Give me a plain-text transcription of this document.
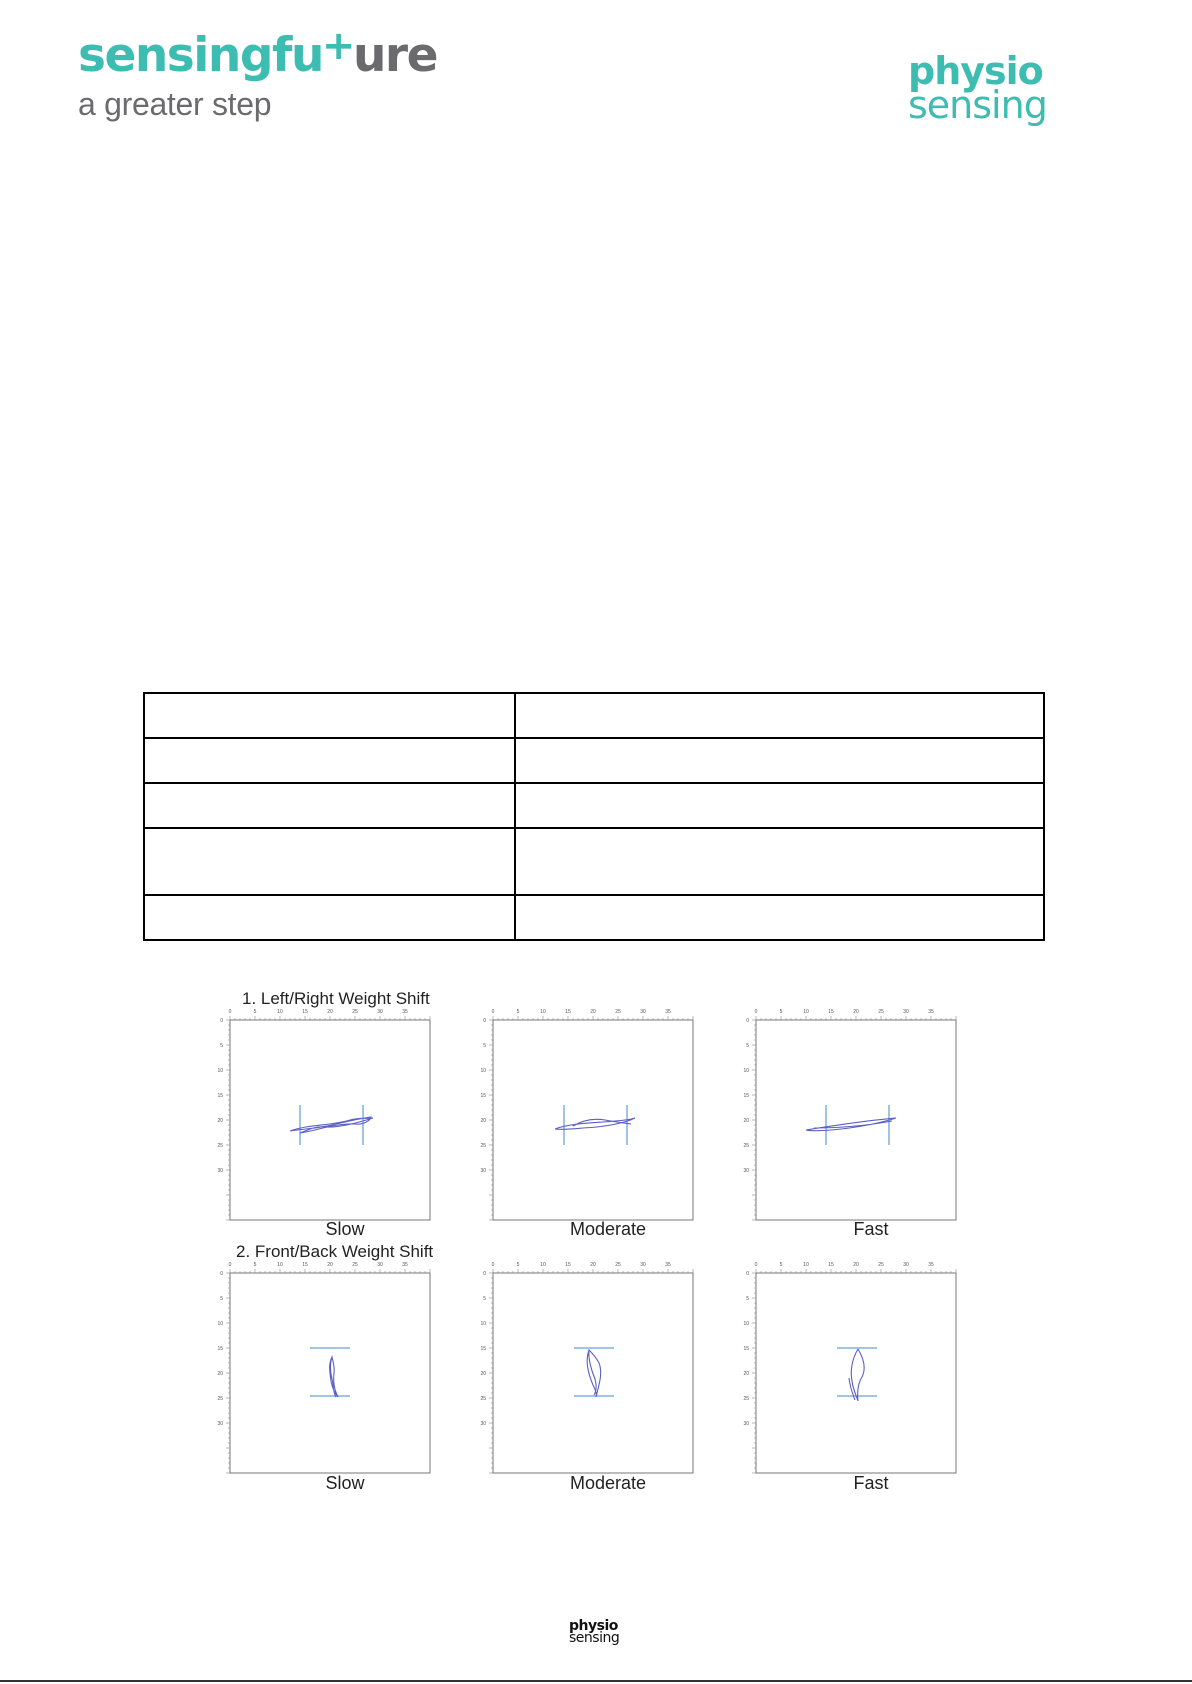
sensingfu+ure
a greater step
physio
sensing

1. Left/Right Weight Shift
0
0
5
5
10
10
15
15
20
20
25
25
30
30
35	0
0
5
5
10
10
15
15
20
20
25
25
30
30
35	0
0
5
5
10
10
15
15
20
20
25
25
30
30
35
Slow	Moderate	Fast
2. Front/Back Weight Shift
0
0
5
5
10
10
15
15
20
20
25
25
30
30
35	0
0
5
5
10
10
15
15
20
20
25
25
30
30
35	0
0
5
5
10
10
15
15
20
20
25
25
30
30
35
Slow	Moderate	Fast
physio
sensing
